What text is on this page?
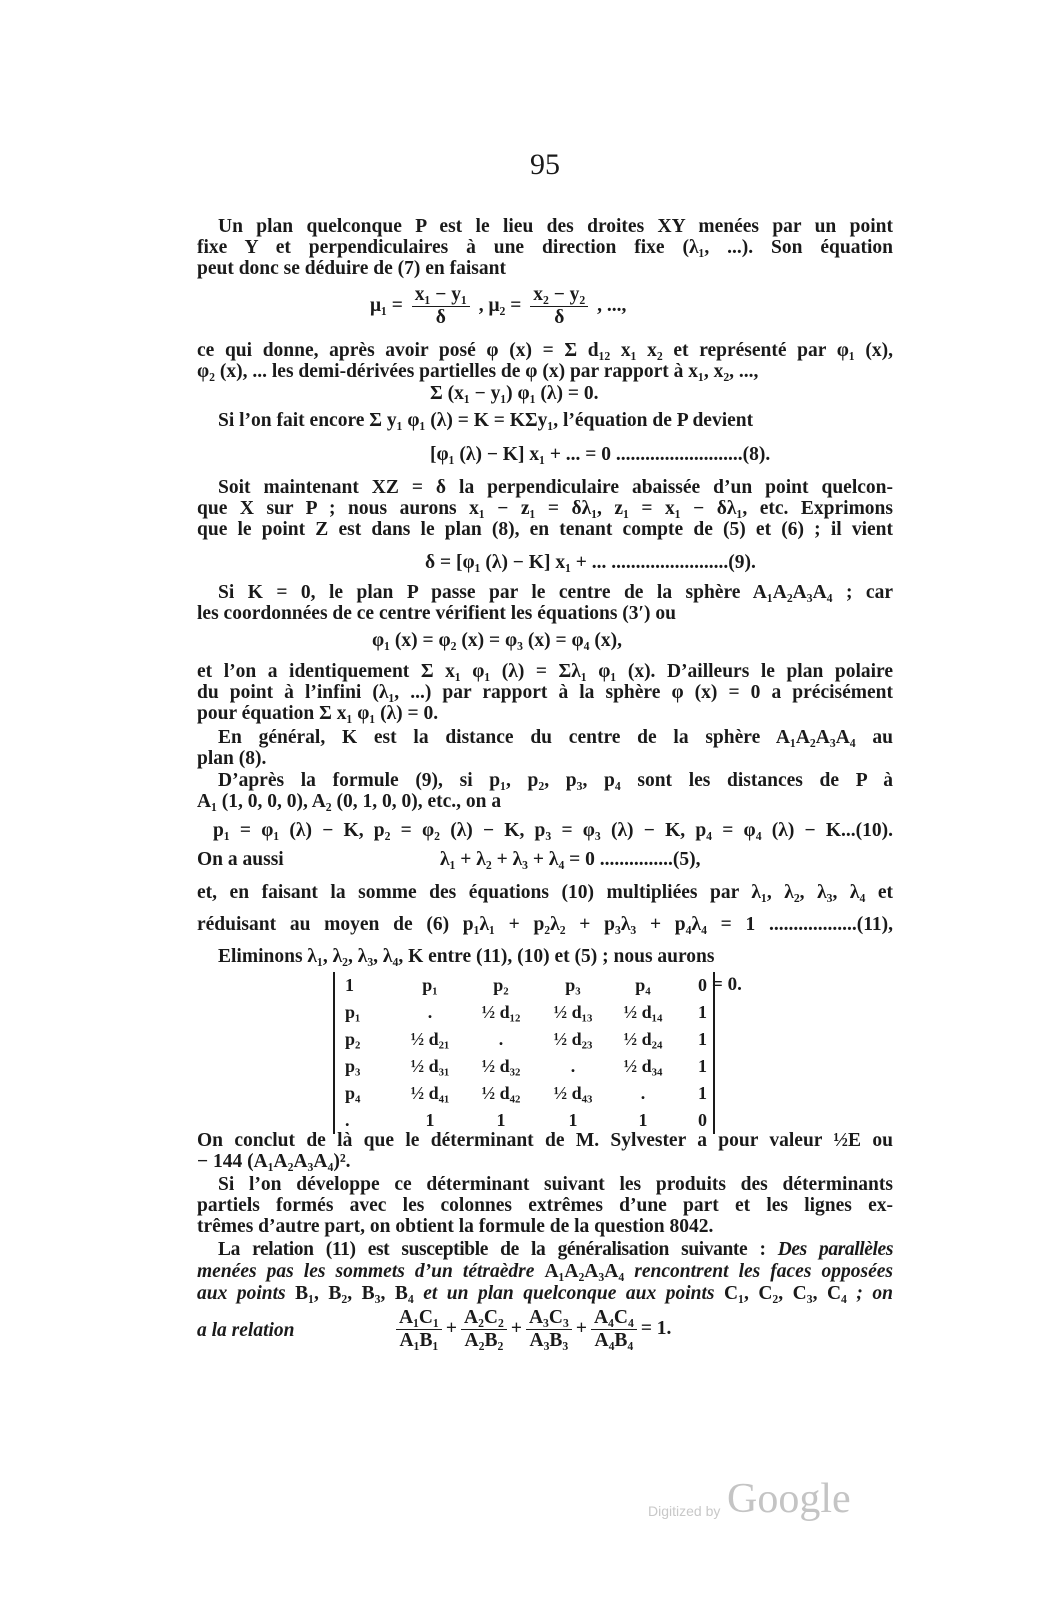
95
Un plan quelconque P est le lieu des droites XY menées par un point
fixe Y et perpendiculaires à une direction fixe (λ₁, ...). Son équation
peut donc se déduire de (7) en faisant
$\mu_1 = \frac{\text{x₁ − y₁}}{\delta}$ , $\mu_2 = \frac{\text{x₂ − y₂}}{\delta}$ , ...,
ce qui donne, après avoir posé φ (x) = Σ d₁₂ x₁ x₂ et représenté par φ₁ (x),
φ₂ (x), ... les demi-dérivées partielles de φ (x) par rapport à x₁, x₂, ...,
Σ (x₁ − y₁) φ₁ (λ) = 0.
Si l’on fait encore Σ y₁ φ₁ (λ) = K = KΣy₁, l’équation de P devient
[φ₁ (λ) − K] x₁ + ... = 0 ..........................(8).
Soit maintenant XZ = δ la perpendiculaire abaissée d’un point quelcon-
que X sur P ; nous aurons x₁ − z₁ = δλ₁, z₁ = x₁ − δλ₁, etc. Exprimons
que le point Z est dans le plan (8), en tenant compte de (5) et (6) ; il vient
δ = [φ₁ (λ) − K] x₁ + ... ........................(9).
Si K = 0, le plan P passe par le centre de la sphère A₁A₂A₃A₄ ; car
les coordonnées de ce centre vérifient les équations (3′) ou
φ₁ (x) = φ₂ (x) = φ₃ (x) = φ₄ (x),
et l’on a identiquement Σ x₁ φ₁ (λ) = Σλ₁ φ₁ (x). D’ailleurs le plan polaire
du point à l’infini (λ₁, ...) par rapport à la sphère φ (x) = 0 a précisément
pour équation Σ x₁ φ₁ (λ) = 0.
En général, K est la distance du centre de la sphère A₁A₂A₃A₄ au
plan (8).
D’après la formule (9), si p₁, p₂, p₃, p₄ sont les distances de P à
A₁ (1, 0, 0, 0), A₂ (0, 1, 0, 0), etc., on a
p₁ = φ₁ (λ) − K, p₂ = φ₂ (λ) − K, p₃ = φ₃ (λ) − K, p₄ = φ₄ (λ) − K...(10).
On a aussi	λ₁ + λ₂ + λ₃ + λ₄ = 0 ...............(5),
et, en faisant la somme des équations (10) multipliées par λ₁, λ₂, λ₃, λ₄ et
réduisant au moyen de (6) p₁λ₁ + p₂λ₂ + p₃λ₃ + p₄λ₄ = 1 ..................(11),
Eliminons λ₁, λ₂, λ₃, λ₄, K entre (11), (10) et (5) ; nous aurons
1	p₁	p₂	p₃	p₄	0
p₁	.	½ d₁₂	½ d₁₃	½ d₁₄	1
p₂	½ d₂₁	.	½ d₂₃	½ d₂₄	1
p₃	½ d₃₁	½ d₃₂	.	½ d₃₄	1
p₄	½ d₄₁	½ d₄₂	½ d₄₃	.	1
.	1	1	1	1	0
= 0.
On conclut de là que le déterminant de M. Sylvester a pour valeur ½E ou
− 144 (A₁A₂A₃A₄)².
Si l’on développe ce déterminant suivant les produits des déterminants
partiels formés avec les colonnes extrêmes d’une part et les lignes ex-
trêmes d’autre part, on obtient la formule de la question 8042.
La relation (11) est susceptible de la généralisation suivante : Des parallèles
menées pas les sommets d’un tétraèdre A₁A₂A₃A₄ rencontrent les faces opposées
aux points B₁, B₂, B₃, B₄ et un plan quelconque aux points C₁, C₂, C₃, C₄ ; on
a la relation	$\frac{\text{A₁C₁}}{\text{A₁B₁}} + \frac{\text{A₂C₂}}{\text{A₂B₂}} + \frac{\text{A₃C₃}}{\text{A₃B₃}} + \frac{\text{A₄C₄}}{\text{A₄B₄}} = 1$.
Digitized by Google
